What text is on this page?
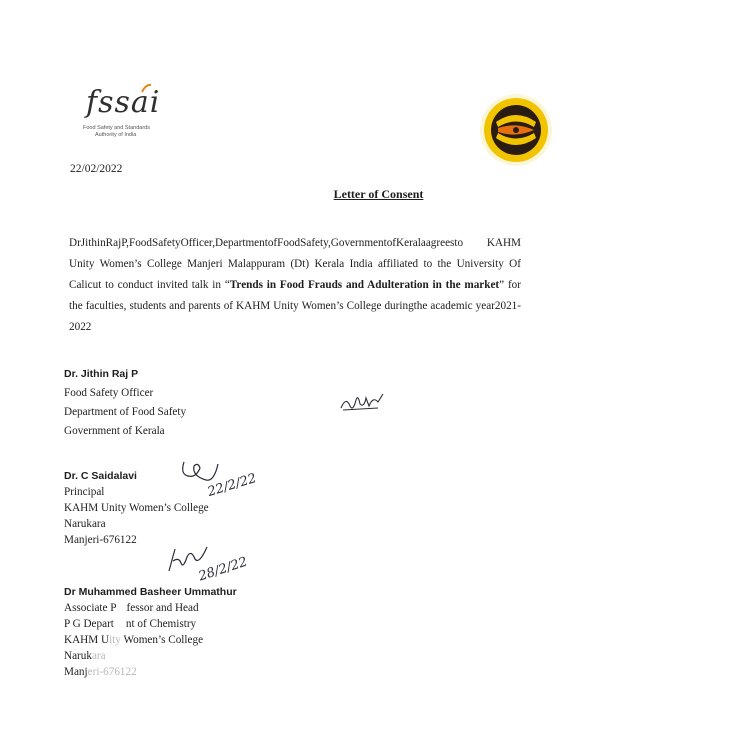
fssai
Food Safety and Standards
Authority of India
22/02/2022
Letter of Consent
DrJithinRajP,FoodSafetyOfficer,DepartmentofFoodSafety,GovernmentofKeralaagreesto KAHM Unity Women’s College Manjeri Malappuram (Dt) Kerala India affiliated to the University Of Calicut to conduct invited talk in “Trends in Food Frauds and Adulteration in the market” for the faculties, students and parents of KAHM Unity Women’s College duringthe academic year2021-2022
Dr. Jithin Raj P
Food Safety Officer
Department of Food Safety
Government of Kerala
Dr. C Saidalavi
Principal
KAHM Unity Women’s College
Narukara
Manjeri-676122
22/2/22
Dr Muhammed Basheer Ummathur
Associate P fessor and Head
P G Depart nt of Chemistry
KAHM Uity Women’s College
Narukara
Manjeri-676122
28/2/22
